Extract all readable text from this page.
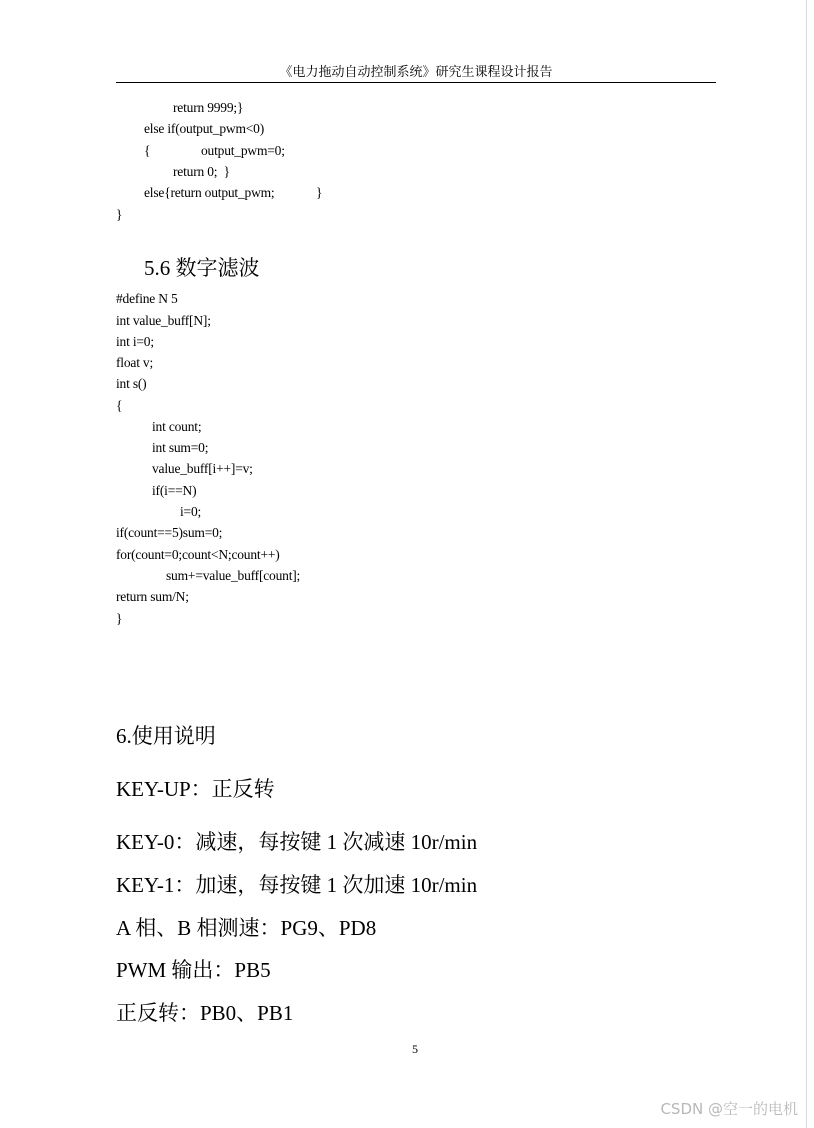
《电力拖动自动控制系统》研究生课程设计报告
return 9999;}
else if(output_pwm<0)
{	output_pwm=0;
return 0;  }
else{return output_pwm;	}
}
5.6 数字滤波
#define N 5
int value_buff[N];
int i=0;
float v;
int s()
{
int count;
int sum=0;
value_buff[i++]=v;
if(i==N)
i=0;
if(count==5)sum=0;
for(count=0;count<N;count++)
sum+=value_buff[count];
return sum/N;
}
6.使用说明
KEY-UP：正反转
KEY-0：减速，每按键 1 次减速 10r/min
KEY-1：加速，每按键 1 次加速 10r/min
A 相、B 相测速：PG9、PD8
PWM 输出：PB5
正反转：PB0、PB1
5
CSDN @空一的电机
